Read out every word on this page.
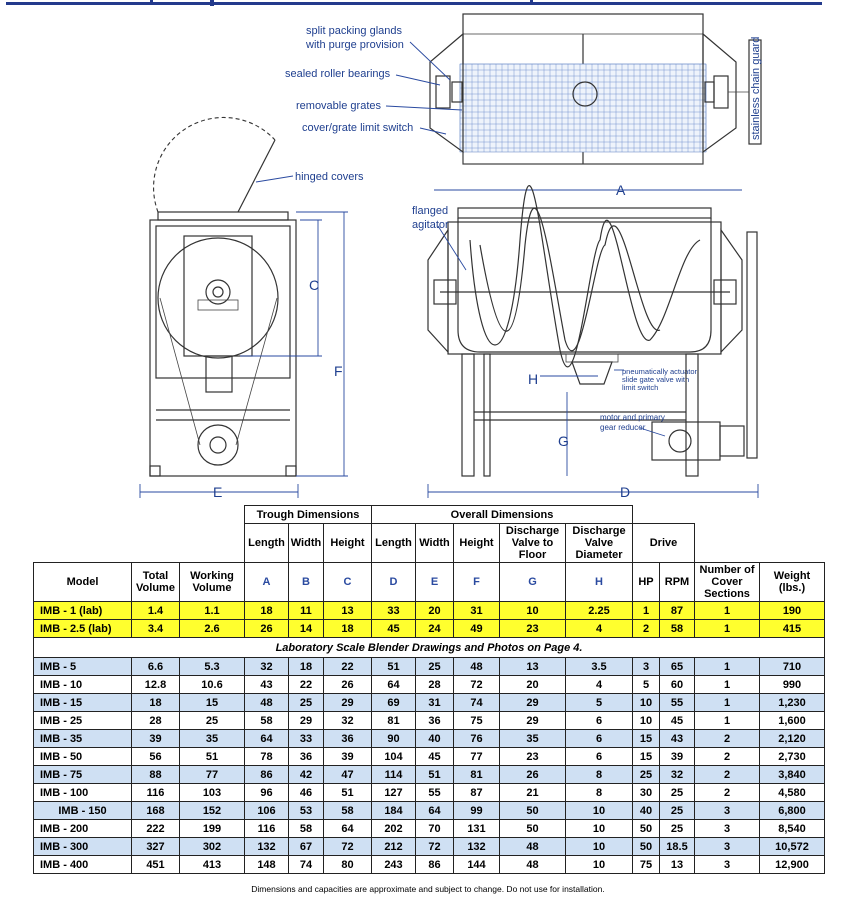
split packing glands
with purge provision
sealed roller bearings
removable grates
cover/grate limit switch	stainless chain guard
hinged covers
C
F
E
A
flanged
agitator
H	pneumatically actuator
slide gate valve with
limit switch
G
motor and primary
gear reducer
D
			Trough Dimensions			Overall Dimensions								
			Length	Width	Height	Length	Width	Height	Discharge Valve to Floor	Discharge Valve Diameter	Drive			
Model	Total Volume	Working Volume	A	B	C	D	E	F	G	H	HP	RPM	Number of Cover Sections	Weight (lbs.)
IMB - 1 (lab)	1.4	1.1	18	11	13	33	20	31	10	2.25	1	87	1	190
IMB - 2.5 (lab)	3.4	2.6	26	14	18	45	24	49	23	4	2	58	1	415
Laboratory Scale Blender Drawings and Photos on Page 4.														
IMB - 5	6.6	5.3	32	18	22	51	25	48	13	3.5	3	65	1	710
IMB - 10	12.8	10.6	43	22	26	64	28	72	20	4	5	60	1	990
IMB - 15	18	15	48	25	29	69	31	74	29	5	10	55	1	1,230
IMB - 25	28	25	58	29	32	81	36	75	29	6	10	45	1	1,600
IMB - 35	39	35	64	33	36	90	40	76	35	6	15	43	2	2,120
IMB - 50	56	51	78	36	39	104	45	77	23	6	15	39	2	2,730
IMB - 75	88	77	86	42	47	114	51	81	26	8	25	32	2	3,840
IMB - 100	116	103	96	46	51	127	55	87	21	8	30	25	2	4,580
IMB - 150	168	152	106	53	58	184	64	99	50	10	40	25	3	6,800
IMB - 200	222	199	116	58	64	202	70	131	50	10	50	25	3	8,540
IMB - 300	327	302	132	67	72	212	72	132	48	10	50	18.5	3	10,572
IMB - 400	451	413	148	74	80	243	86	144	48	10	75	13	3	12,900
Dimensions and capacities are approximate and subject to change. Do not use for installation.
